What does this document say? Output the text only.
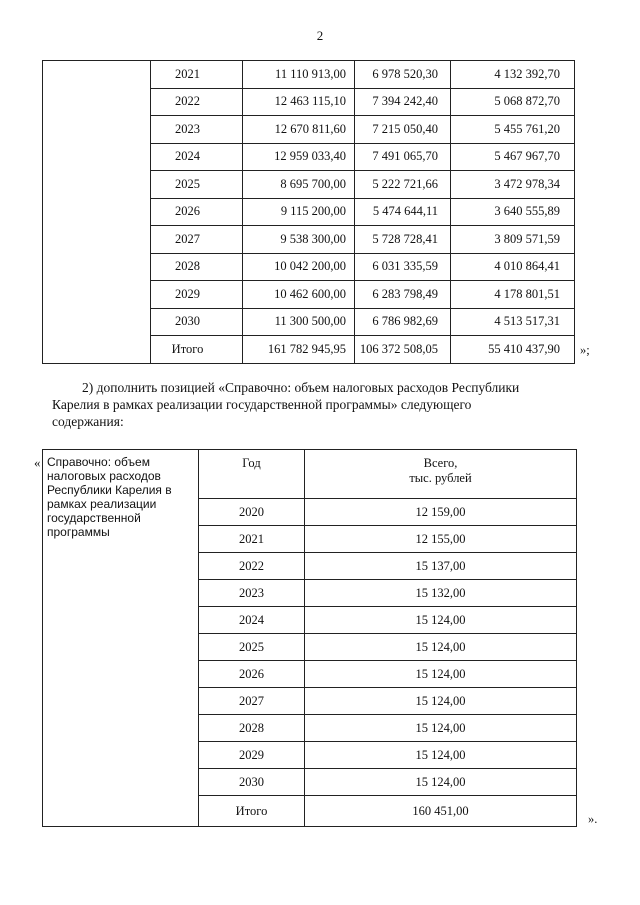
2
	2021	11 110 913,00	6 978 520,30	4 132 392,70
	2022	12 463 115,10	7 394 242,40	5 068 872,70
	2023	12 670 811,60	7 215 050,40	5 455 761,20
	2024	12 959 033,40	7 491 065,70	5 467 967,70
	2025	8 695 700,00	5 222 721,66	3 472 978,34
	2026	9 115 200,00	5 474 644,11	3 640 555,89
	2027	9 538 300,00	5 728 728,41	3 809 571,59
	2028	10 042 200,00	6 031 335,59	4 010 864,41
	2029	10 462 600,00	6 283 798,49	4 178 801,51
	2030	11 300 500,00	6 786 982,69	4 513 517,31
	Итого	161 782 945,95	106 372 508,05	55 410 437,90 »;
2) дополнить позицией «Справочно: объем налоговых расходов Республики
Карелия в рамках реализации государственной программы» следующего
содержания:
« Справочно: объем налоговых расходов Республики Карелия в рамках реализации государственной программы	Год	Всего,
тыс. рублей

	2020	12 159,00
	2021	12 155,00
	2022	15 137,00
	2023	15 132,00
	2024	15 124,00
	2025	15 124,00
	2026	15 124,00
	2027	15 124,00
	2028	15 124,00
	2029	15 124,00
	2030	15 124,00
	Итого	160 451,00
».
